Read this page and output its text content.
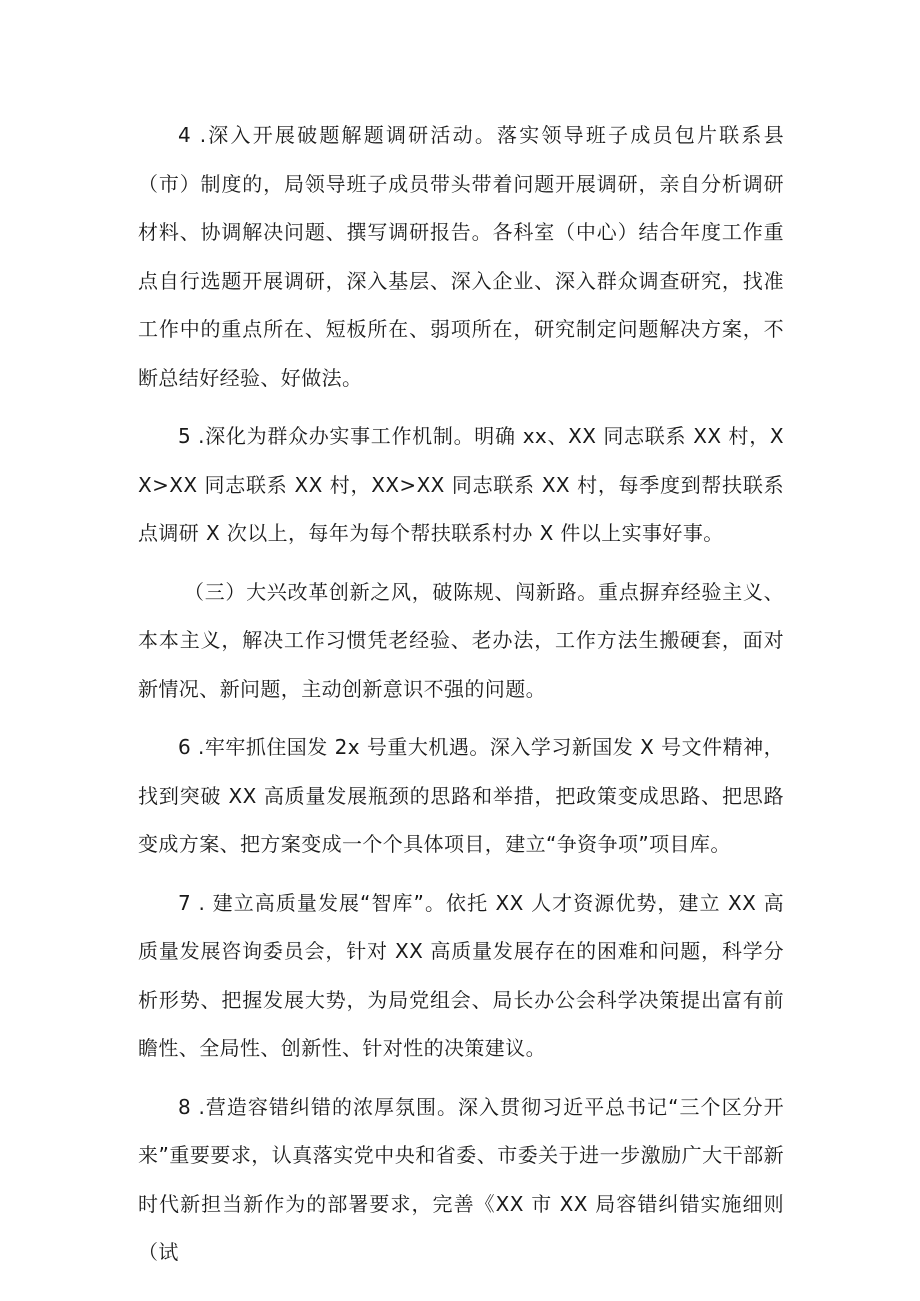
4 .深入开展破题解题调研活动。落实领导班子成员包片联系县（市）制度的，局领导班子成员带头带着问题开展调研，亲自分析调研材料、协调解决问题、撰写调研报告。各科室（中心）结合年度工作重点自行选题开展调研，深入基层、深入企业、深入群众调查研究，找准工作中的重点所在、短板所在、弱项所在，研究制定问题解决方案，不断总结好经验、好做法。

5 .深化为群众办实事工作机制。明确 xx、XX 同志联系 XX 村，XX>XX 同志联系 XX 村，XX>XX 同志联系 XX 村，每季度到帮扶联系点调研 X 次以上，每年为每个帮扶联系村办 X 件以上实事好事。

（三）大兴改革创新之风，破陈规、闯新路。重点摒弃经验主义、本本主义，解决工作习惯凭老经验、老办法，工作方法生搬硬套，面对新情况、新问题，主动创新意识不强的问题。

6 .牢牢抓住国发 2x 号重大机遇。深入学习新国发 X 号文件精神，找到突破 XX 高质量发展瓶颈的思路和举措，把政策变成思路、把思路变成方案、把方案变成一个个具体项目，建立“争资争项”项目库。

7 . 建立高质量发展“智库”。依托 XX 人才资源优势，建立 XX 高质量发展咨询委员会，针对 XX 高质量发展存在的困难和问题，科学分析形势、把握发展大势，为局党组会、局长办公会科学决策提出富有前瞻性、全局性、创新性、针对性的决策建议。

8 .营造容错纠错的浓厚氛围。深入贯彻习近平总书记“三个区分开来”重要要求，认真落实党中央和省委、市委关于进一步激励广大干部新时代新担当新作为的部署要求，完善《XX 市 XX 局容错纠错实施细则（试
